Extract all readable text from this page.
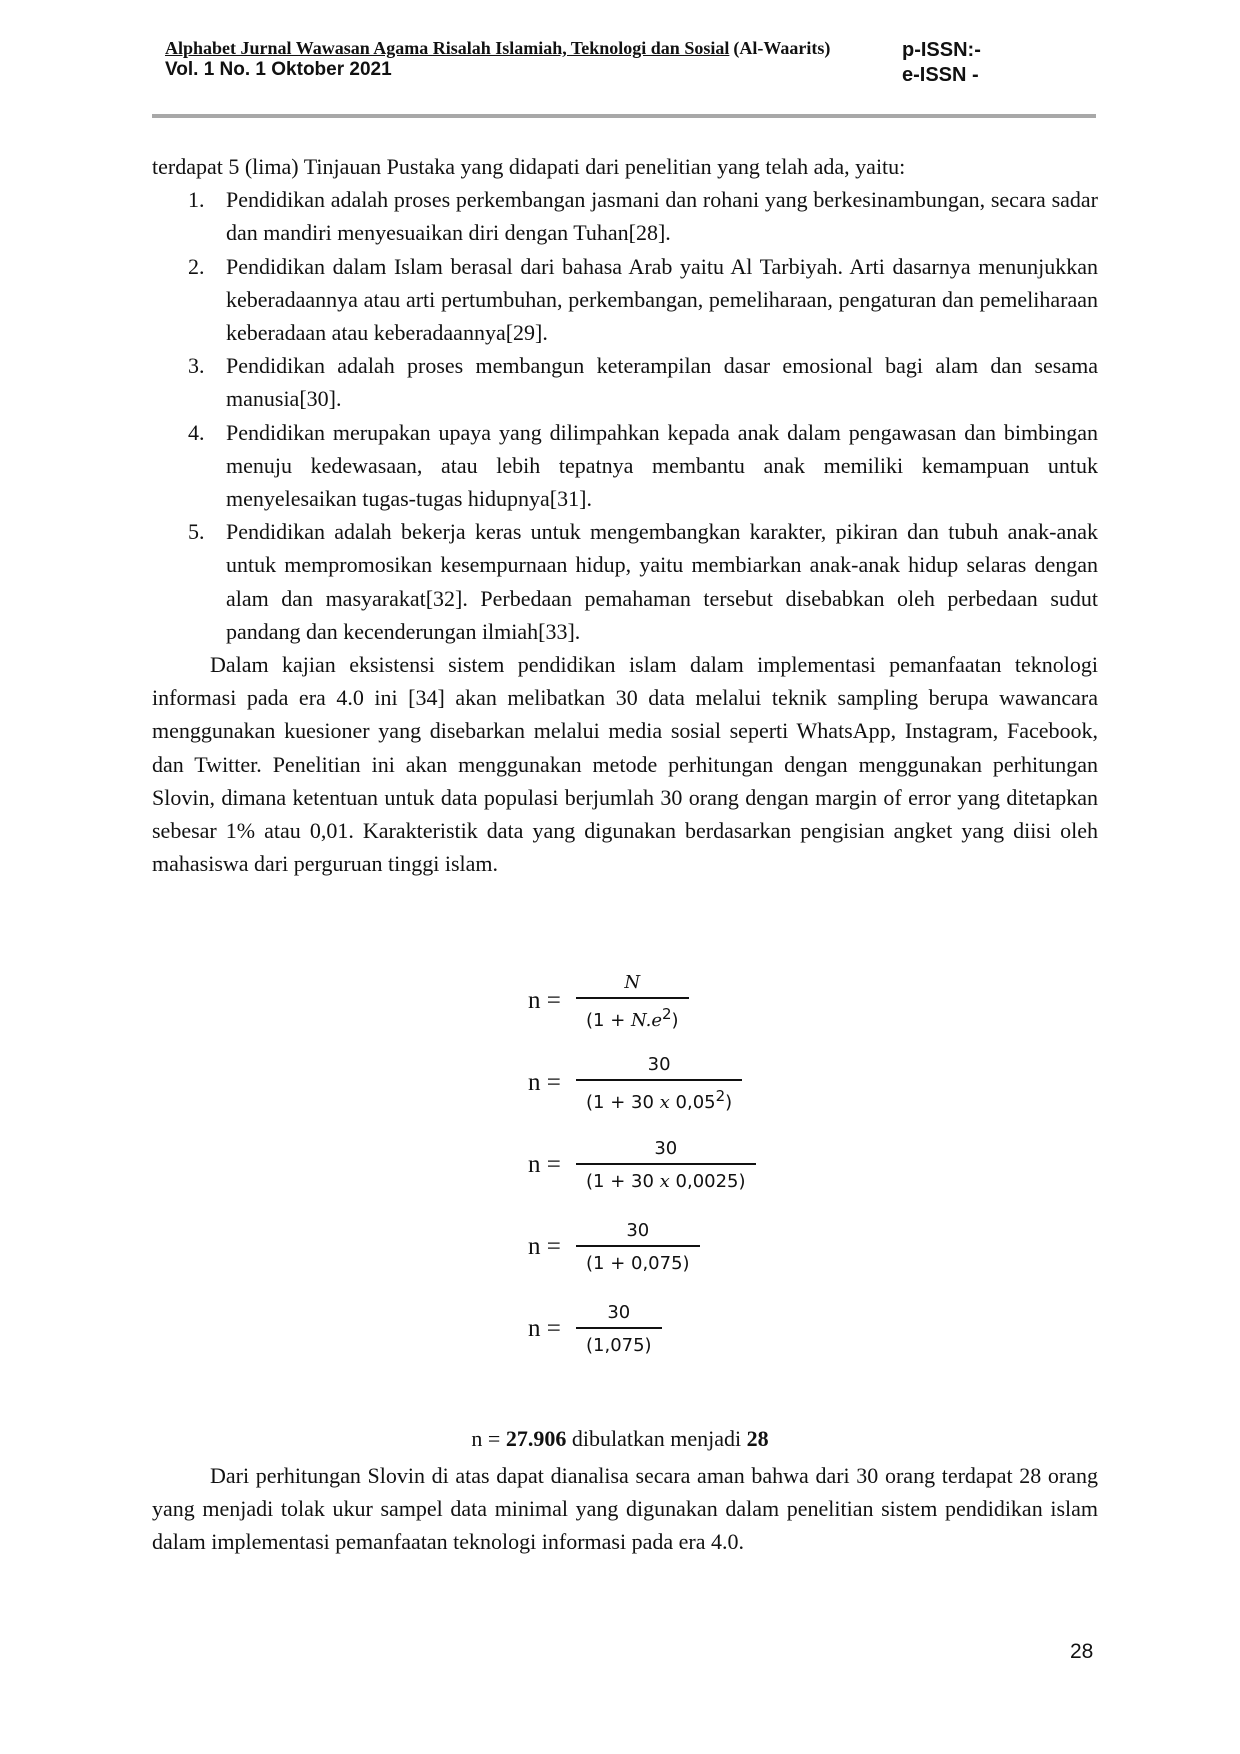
Alphabet Jurnal Wawasan Agama Risalah Islamiah, Teknologi dan Sosial (Al-Waarits)
Vol. 1 No. 1 Oktober 2021
p-ISSN:-
e-ISSN -

terdapat 5 (lima) Tinjauan Pustaka yang didapati dari penelitian yang telah ada, yaitu:

1. Pendidikan adalah proses perkembangan jasmani dan rohani yang berkesinambungan, secara sadar dan mandiri menyesuaikan diri dengan Tuhan[28].
2. Pendidikan dalam Islam berasal dari bahasa Arab yaitu Al Tarbiyah. Arti dasarnya menunjukkan keberadaannya atau arti pertumbuhan, perkembangan, pemeliharaan, pengaturan dan pemeliharaan keberadaan atau keberadaannya[29].
3. Pendidikan adalah proses membangun keterampilan dasar emosional bagi alam dan sesama manusia[30].
4. Pendidikan merupakan upaya yang dilimpahkan kepada anak dalam pengawasan dan bimbingan menuju kedewasaan, atau lebih tepatnya membantu anak memiliki kemampuan untuk menyelesaikan tugas-tugas hidupnya[31].
5. Pendidikan adalah bekerja keras untuk mengembangkan karakter, pikiran dan tubuh anak-anak untuk mempromosikan kesempurnaan hidup, yaitu membiarkan anak-anak hidup selaras dengan alam dan masyarakat[32]. Perbedaan pemahaman tersebut disebabkan oleh perbedaan sudut pandang dan kecenderungan ilmiah[33].

Dalam kajian eksistensi sistem pendidikan islam dalam implementasi pemanfaatan teknologi informasi pada era 4.0 ini [34] akan melibatkan 30 data melalui teknik sampling berupa wawancara menggunakan kuesioner yang disebarkan melalui media sosial seperti WhatsApp, Instagram, Facebook, dan Twitter. Penelitian ini akan menggunakan metode perhitungan dengan menggunakan perhitungan Slovin, dimana ketentuan untuk data populasi berjumlah 30 orang dengan margin of error yang ditetapkan sebesar 1% atau 0,01. Karakteristik data yang digunakan berdasarkan pengisian angket yang diisi oleh mahasiswa dari perguruan tinggi islam.

$n = \frac{N}{(1 + N.e^2)}$
$n = \frac{30}{(1 + 30 x 0,05^2)}$
$n = \frac{30}{(1 + 30 x 0,0025)}$
$n = \frac{30}{(1 + 0,075)}$
$n = \frac{30}{(1,075)}$
n = 27.906 dibulatkan menjadi 28

Dari perhitungan Slovin di atas dapat dianalisa secara aman bahwa dari 30 orang terdapat 28 orang yang menjadi tolak ukur sampel data minimal yang digunakan dalam penelitian sistem pendidikan islam dalam implementasi pemanfaatan teknologi informasi pada era 4.0.

28
